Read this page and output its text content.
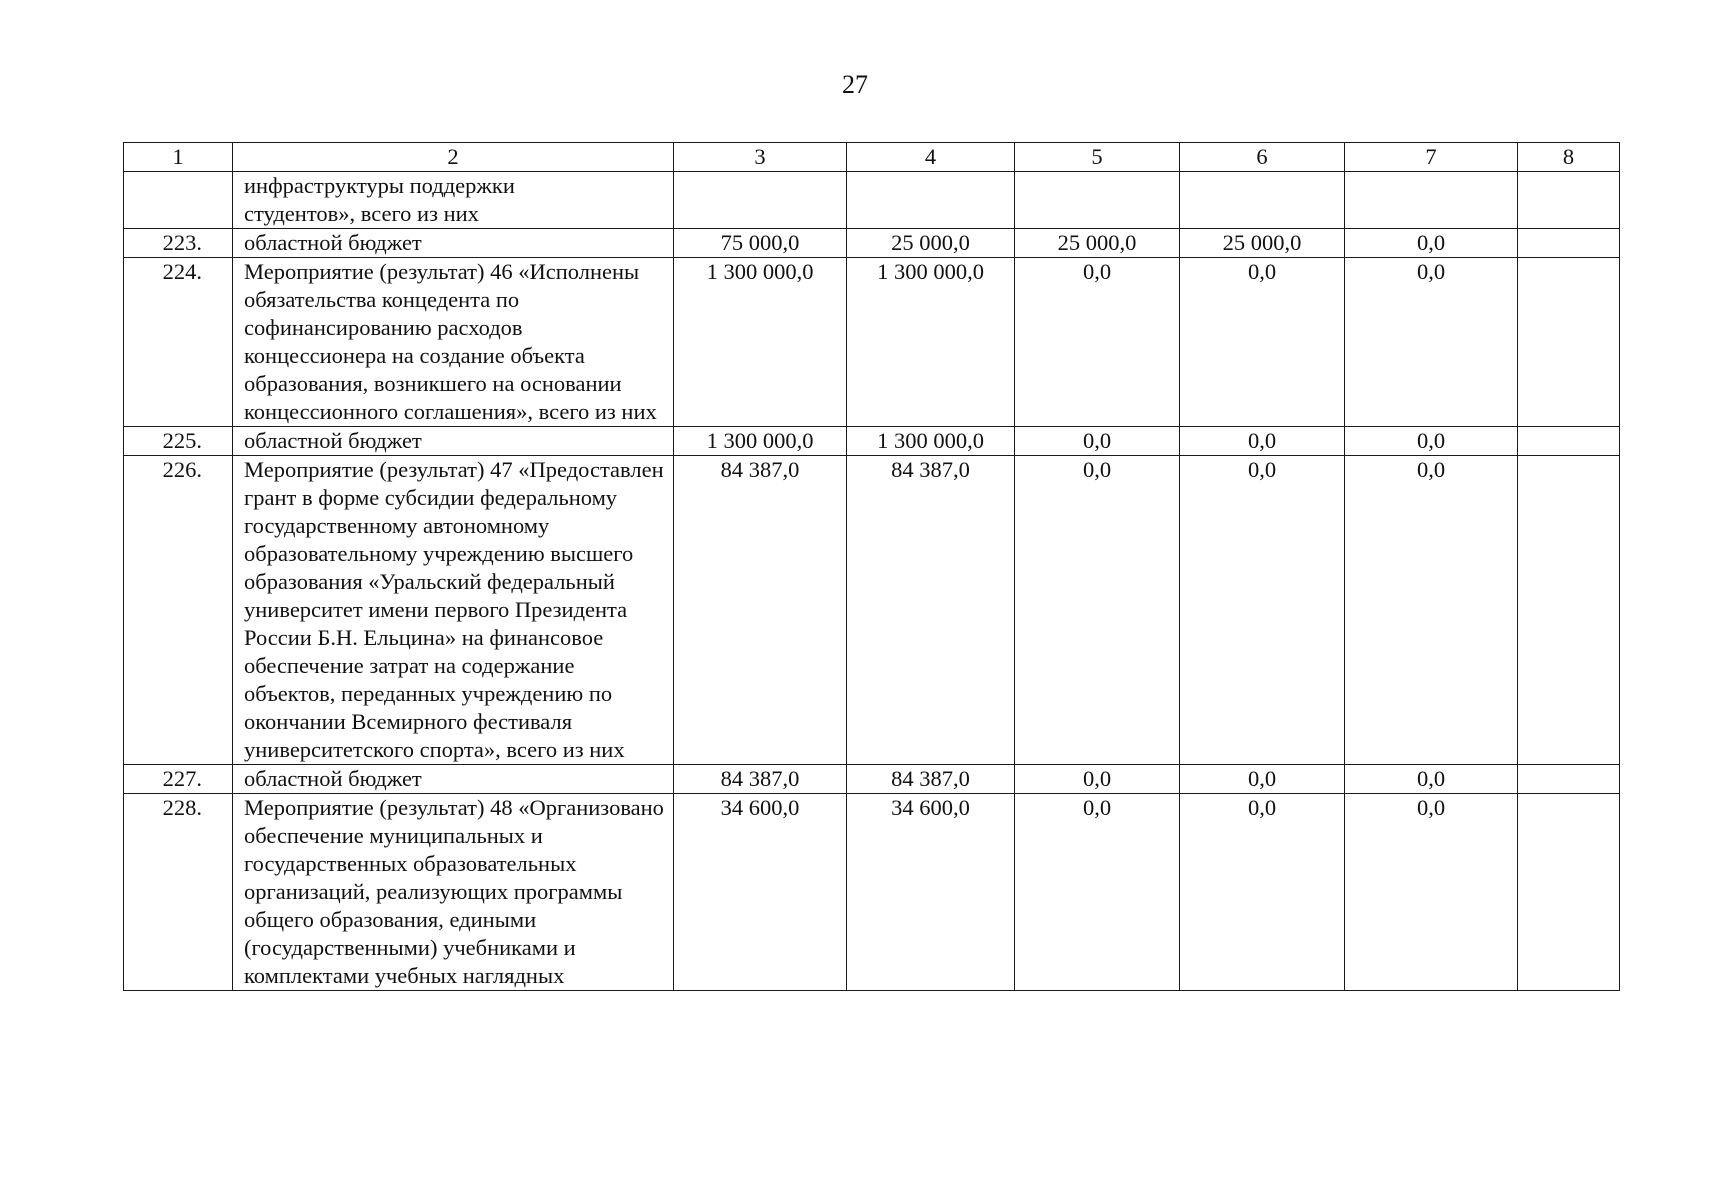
27
1	2	3	4	5	6	7	8
	инфраструктуры поддержки студентов», всего из них						
223.	областной бюджет	75 000,0	25 000,0	25 000,0	25 000,0	0,0	
224.	Мероприятие (результат) 46 «Исполнены обязательства концедента по софинансированию расходов концессионера на создание объекта образования, возникшего на основании концессионного соглашения», всего из них	1 300 000,0	1 300 000,0	0,0	0,0	0,0	
225.	областной бюджет	1 300 000,0	1 300 000,0	0,0	0,0	0,0	
226.	Мероприятие (результат) 47 «Предоставлен грант в форме субсидии федеральному государственному автономному образовательному учреждению высшего образования «Уральский федеральный университет имени первого Президента России Б.Н. Ельцина» на финансовое обеспечение затрат на содержание объектов, переданных учреждению по окончании Всемирного фестиваля университетского спорта», всего из них	84 387,0	84 387,0	0,0	0,0	0,0	
227.	областной бюджет	84 387,0	84 387,0	0,0	0,0	0,0	
228.	Мероприятие (результат) 48 «Организовано обеспечение муниципальных и государственных образовательных организаций, реализующих программы общего образования, едиными (государственными) учебниками и комплектами учебных наглядных	34 600,0	34 600,0	0,0	0,0	0,0	
